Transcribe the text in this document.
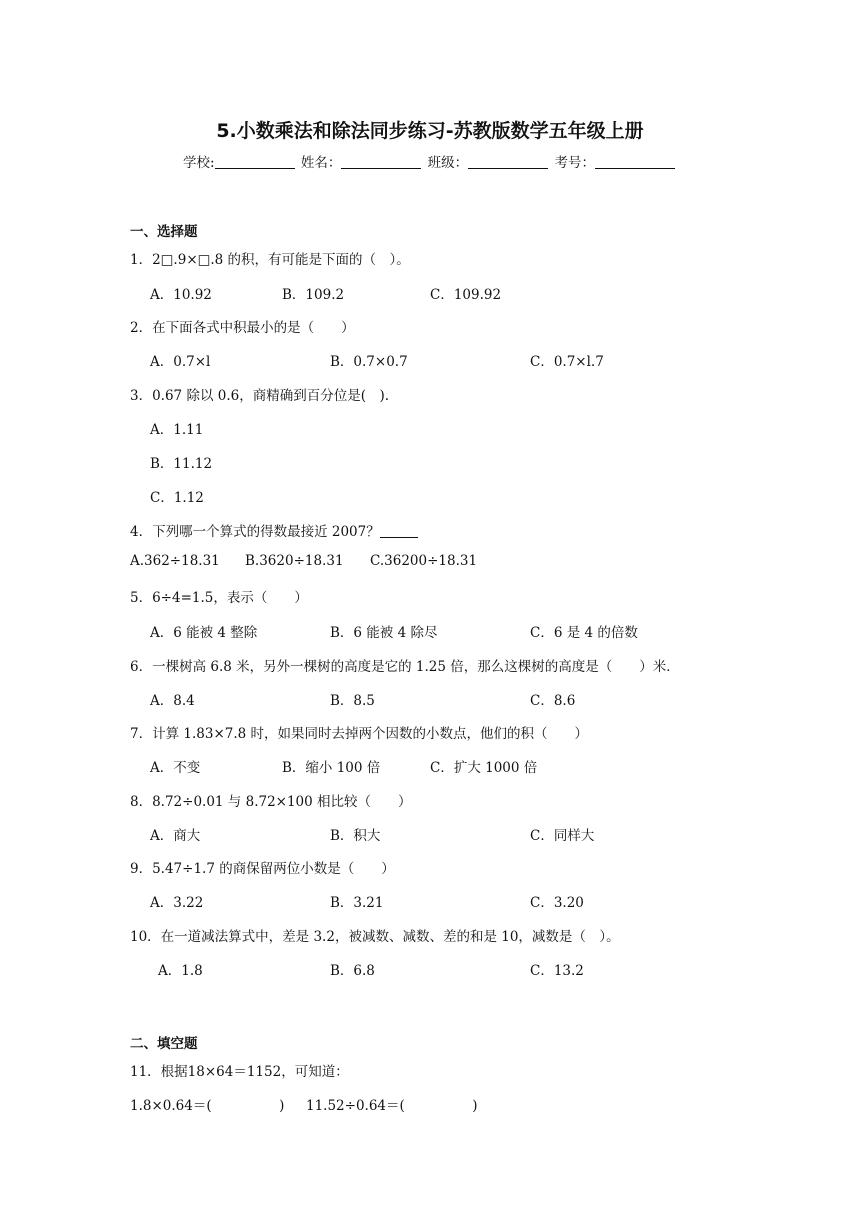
5.小数乘法和除法同步练习-苏教版数学五年级上册
学校:	姓名：	班级：	考号：
一、选择题
1．2□.9×□.8 的积，有可能是下面的（　）。
A．10.92	B．109.2	C．109.92
2．在下面各式中积最小的是（　　）
A．0.7×l	B．0.7×0.7	C．0.7×l.7
3．0.67 除以 0.6，商精确到百分位是(　).
A．1.11
B．11.12
C．1.12
4．下列哪一个算式的得数最接近 2007？
A.362÷18.31 B.3620÷18.31 C.36200÷18.31
5．6÷4=1.5，表示（　　）
A．6 能被 4 整除	B．6 能被 4 除尽	C．6 是 4 的倍数
6．一棵树高 6.8 米，另外一棵树的高度是它的 1.25 倍，那么这棵树的高度是（　　）米．
A．8.4	B．8.5	C．8.6
7．计算 1.83×7.8 时，如果同时去掉两个因数的小数点，他们的积（　　）
A．不变	B．缩小 100 倍	C．扩大 1000 倍
8．8.72÷0.01 与 8.72×100 相比较（　　）
A．商大	B．积大	C．同样大
9．5.47÷1.7 的商保留两位小数是（　　）
A．3.22	B．3.21	C．3.20
10．在一道减法算式中，差是 3.2，被减数、减数、差的和是 10，减数是（　）。
A．1.8	B．6.8	C．13.2
二、填空题
11．根据18×64＝1152，可知道：
1.8×0.64＝(　　　　　) 11.52÷0.64＝(　　　　　)
